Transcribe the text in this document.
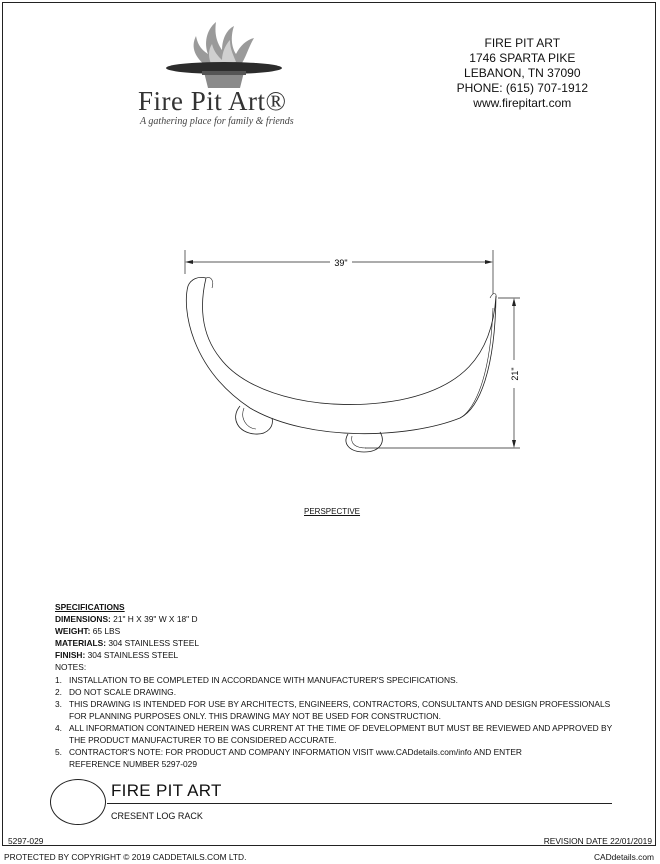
Fire Pit Art®
A gathering place for family & friends
FIRE PIT ART
1746 SPARTA PIKE
LEBANON, TN 37090
PHONE: (615) 707-1912
www.firepitart.com
39"
21"
PERSPECTIVE
SPECIFICATIONS
DIMENSIONS: 21" H X 39" W X 18" D
WEIGHT: 65 LBS
MATERIALS: 304 STAINLESS STEEL
FINISH: 304 STAINLESS STEEL
NOTES:
1. INSTALLATION TO BE COMPLETED IN ACCORDANCE WITH MANUFACTURER'S SPECIFICATIONS.
2. DO NOT SCALE DRAWING.
3. THIS DRAWING IS INTENDED FOR USE BY ARCHITECTS, ENGINEERS, CONTRACTORS, CONSULTANTS AND DESIGN PROFESSIONALS
FOR PLANNING PURPOSES ONLY. THIS DRAWING MAY NOT BE USED FOR CONSTRUCTION.
4. ALL INFORMATION CONTAINED HEREIN WAS CURRENT AT THE TIME OF DEVELOPMENT BUT MUST BE REVIEWED AND APPROVED BY
THE PRODUCT MANUFACTURER TO BE CONSIDERED ACCURATE.
5. CONTRACTOR'S NOTE: FOR PRODUCT AND COMPANY INFORMATION VISIT www.CADdetails.com/info AND ENTER
REFERENCE NUMBER 5297-029
FIRE PIT ART
CRESENT LOG RACK
5297-029	REVISION DATE 22/01/2019
PROTECTED BY COPYRIGHT © 2019 CADDETAILS.COM LTD.	CADdetails.com
